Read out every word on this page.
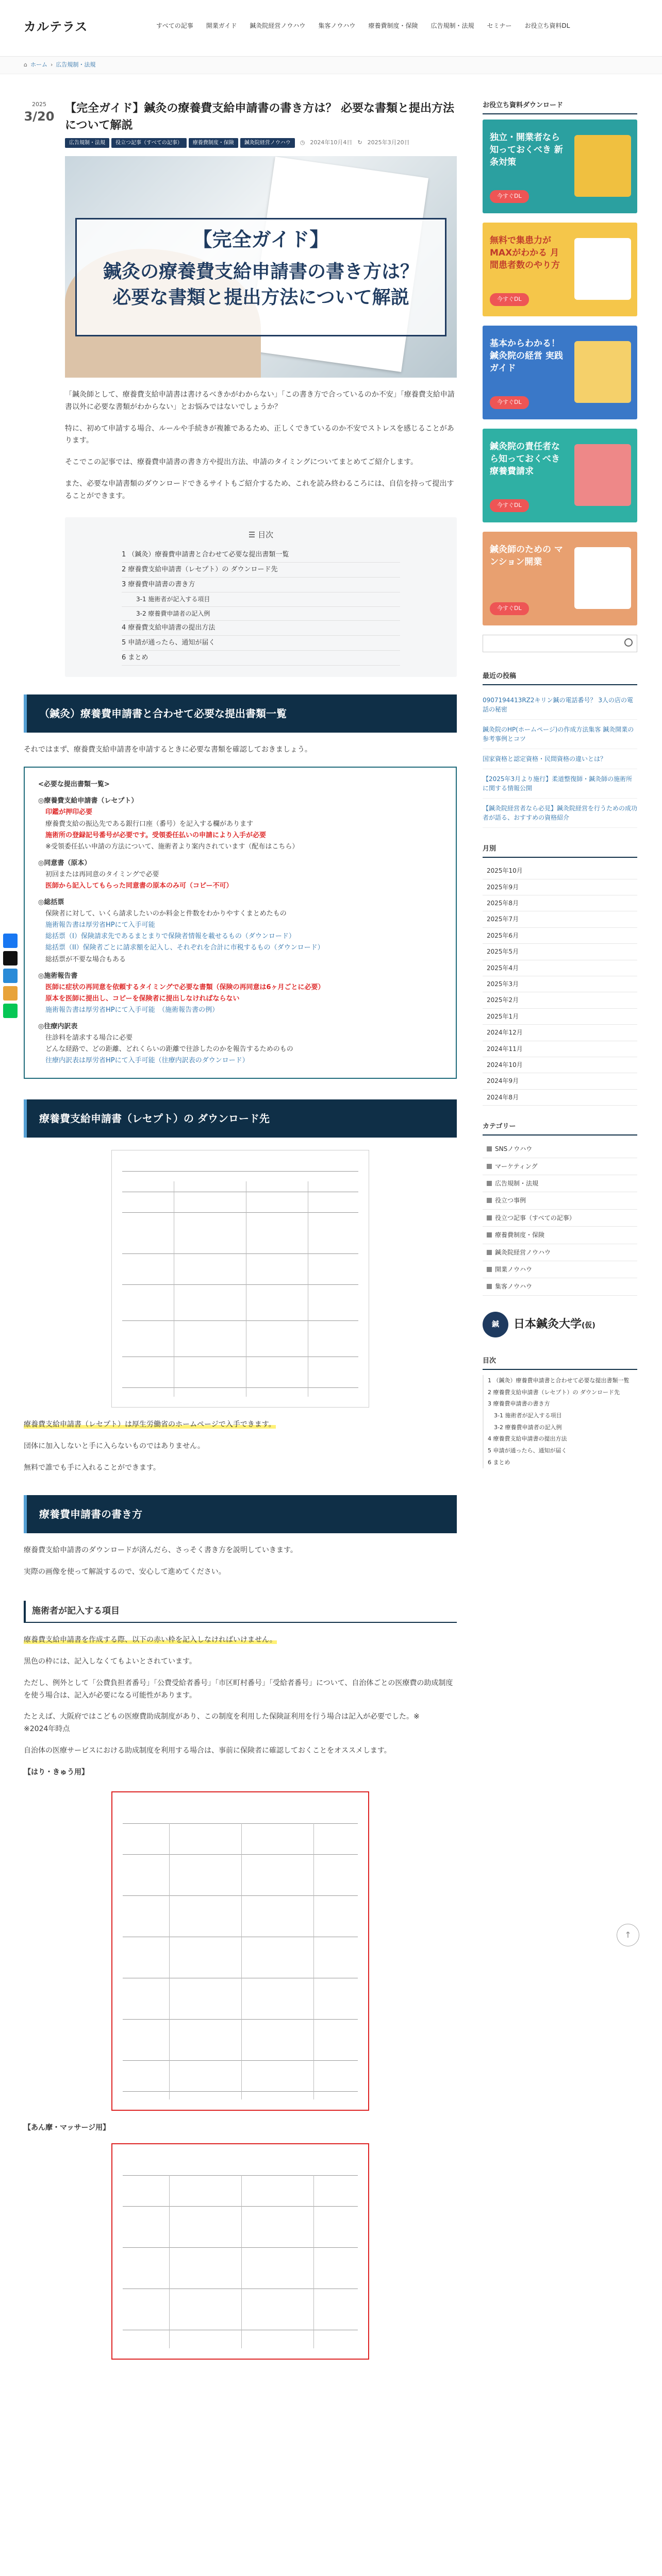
カルテラス	すべての記事	開業ガイド	鍼灸院経営ノウハウ	集客ノウハウ	療養費制度・保険	広告規制・法規	セミナー	お役立ち資料DL
⌂ ホーム › 広告規制・法規
2025
3/20
【完全ガイド】鍼灸の療養費支給申請書の書き方は？ 必要な書類と提出方法について解説
広告規制・法規	役立つ記事（すべての記事）	療養費制度・保険	鍼灸院経営ノウハウ	◷ 2024年10月4日 ↻ 2025年3月20日
【完全ガイド】
鍼灸の療養費支給申請書の書き方は？
必要な書類と提出方法について解説

「鍼灸師として、療養費支給申請書は書けるべきかがわからない」「この書き方で合っているのか不安」「療養費支給申請書以外に必要な書類がわからない」とお悩みではないでしょうか？

特に、初めて申請する場合、ルールや手続きが複雑であるため、正しくできているのか不安でストレスを感じることがあります。

そこでこの記事では、療養費申請書の書き方や提出方法、申請のタイミングについてまとめてご紹介します。

また、必要な申請書類のダウンロードできるサイトもご紹介するため、これを読み終わるころには、自信を持って提出することができます。

☰ 目次
1 （鍼灸）療養費申請書と合わせて必要な提出書類一覧
2 療養費支給申請書（レセプト）の ダウンロード先
3 療養費申請書の書き方
3-1 施術者が記入する項目
3-2 療養費申請者の記入例
4 療養費支給申請書の提出方法
5 申請が通ったら、通知が届く
6 まとめ
（鍼灸）療養費申請書と合わせて必要な提出書類一覧

それではまず、療養費支給申請書を申請するときに必要な書類を確認しておきましょう。

<必要な提出書類一覧>
◎療養費支給申請書（レセプト）
印鑑が押印必要
療養費支給の振込先である銀行口座（番号）を記入する欄があります
施術所の登録記号番号が必要です。受領委任払いの申請により入手が必要
※受領委任払い申請の方法について、施術者より案内されています（配布はこちら）
◎同意書（原本）
初回または再同意のタイミングで必要
医師から記入してもらった同意書の原本のみ可（コピー不可）
◎総括票
保険者に対して、いくら請求したいのか料金と件数をわかりやすくまとめたもの
施術報告書は厚労省HPにて入手可能
総括票（I）保険請求先であるまとまりで保険者情報を載せるもの（ダウンロード）
総括票（II）保険者ごとに請求額を記入し、それぞれを合計に市税するもの（ダウンロード）
総括票が不要な場合もある
◎施術報告書
医師に症状の再同意を依頼するタイミングで必要な書類（保険の再同意は6ヶ月ごとに必要）
原本を医師に提出し、コピーを保険者に提出しなければならない
施術報告書は厚労省HPにて入手可能　（施術報告書の例）
◎往療内訳表
往診料を請求する場合に必要
どんな経路で、どの距離、どれくらいの距離で往診したのかを報告するためのもの
往療内訳表は厚労省HPにて入手可能（往療内訳表のダウンロード）
療養費支給申請書（レセプト）の ダウンロード先

療養費支給申請書（レセプト）は厚生労働省のホームページで入手できます。

団体に加入しないと手に入らないものではありません。

無料で誰でも手に入れることができます。

療養費申請書の書き方

療養費支給申請書のダウンロードが済んだら、さっそく書き方を説明していきます。

実際の画像を使って解説するので、安心して進めてください。

施術者が記入する項目

療養費支給申請書を作成する際、以下の赤い枠を記入しなければいけません。

黒色の枠には、記入しなくてもよいとされています。

ただし、例外として「公費負担者番号」「公費受給者番号」「市区町村番号」「受給者番号」について、自治体ごとの医療費の助成制度を使う場合は、記入が必要になる可能性があります。

たとえば、大阪府ではこどもの医療費助成制度があり、この制度を利用した保険証利用を行う場合は記入が必要でした。※

※2024年時点

自治体の医療サービスにおける助成制度を利用する場合は、事前に保険者に確認しておくことをオススメします。

【はり・きゅう用】

【あん摩・マッサージ用】

お役立ち資料ダウンロード
独立・開業者なら知っておくべき 新条対策
今すぐDL
無料で集患力がMAXがわかる 月間患者数のやり方
今すぐDL
基本からわかる！ 鍼灸院の経営 実践ガイド
今すぐDL
鍼灸院の責任者なら知っておくべき 療養費請求
今すぐDL
鍼灸師のための マンション開業
今すぐDL
最近の投稿
0907194413RZ2キリン鍼の電話番号？ 3人の店の電話の秘密
鍼灸院のHP(ホームページ)の作成方法集客 鍼灸開業の参考事例とコツ
国家資格と認定資格・民間資格の違いとは？
【2025年3月より施行】柔道整復師・鍼灸師の施術所に関する情報公開
【鍼灸院経営者なら必見】鍼灸院経営を行うための成功者が語る、おすすめの資格紹介
月別
2025年10月
2025年9月
2025年8月
2025年7月
2025年6月
2025年5月
2025年4月
2025年3月
2025年2月
2025年1月
2024年12月
2024年11月
2024年10月
2024年9月
2024年8月
カテゴリー
SNSノウハウ
マーケティング
広告規制・法規
役立つ事例
役立つ記事（すべての記事）
療養費制度・保険
鍼灸院経営ノウハウ
開業ノウハウ
集客ノウハウ
鍼	日本鍼灸大学(仮)
目次
1 （鍼灸）療養費申請書と合わせて必要な提出書類一覧
2 療養費支給申請書（レセプト）の ダウンロード先
3 療養費申請書の書き方
3-1 施術者が記入する項目
3-2 療養費申請者の記入例
4 療養費支給申請書の提出方法
5 申請が通ったら、通知が届く
6 まとめ
↑
